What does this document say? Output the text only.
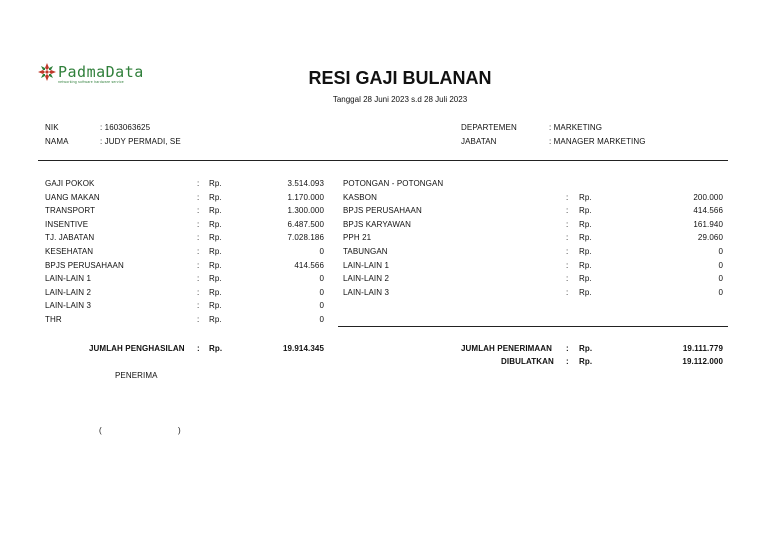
PadmaData
networking software hardware service	RESI GAJI BULANAN
Tanggal 28 Juni 2023 s.d 28 Juli 2023
NIK	: 1603063625
NAMA	: JUDY PERMADI, SE
DEPARTEMEN	: MARKETING
JABATAN	: MANAGER MARKETING
GAJI POKOK	: Rp.	3.514.093
UANG MAKAN	: Rp.	1.170.000
TRANSPORT	: Rp.	1.300.000
INSENTIVE	: Rp.	6.487.500
TJ. JABATAN	: Rp.	7.028.186
KESEHATAN	: Rp.	0
BPJS PERUSAHAAN	: Rp.	414.566
LAIN-LAIN 1	: Rp.	0
LAIN-LAIN 2	: Rp.	0
LAIN-LAIN 3	: Rp.	0
THR	: Rp.	0
POTONGAN - POTONGAN
KASBON	: Rp.	200.000
BPJS PERUSAHAAN	: Rp.	414.566
BPJS KARYAWAN	: Rp.	161.940
PPH 21	: Rp.	29.060
TABUNGAN	: Rp.	0
LAIN-LAIN 1	: Rp.	0
LAIN-LAIN 2	: Rp.	0
LAIN-LAIN 3	: Rp.	0
JUMLAH PENGHASILAN : Rp.	19.914.345	JUMLAH PENERIMAAN : Rp.	19.111.779
DIBULATKAN : Rp.	19.112.000
PENERIMA
(	)
